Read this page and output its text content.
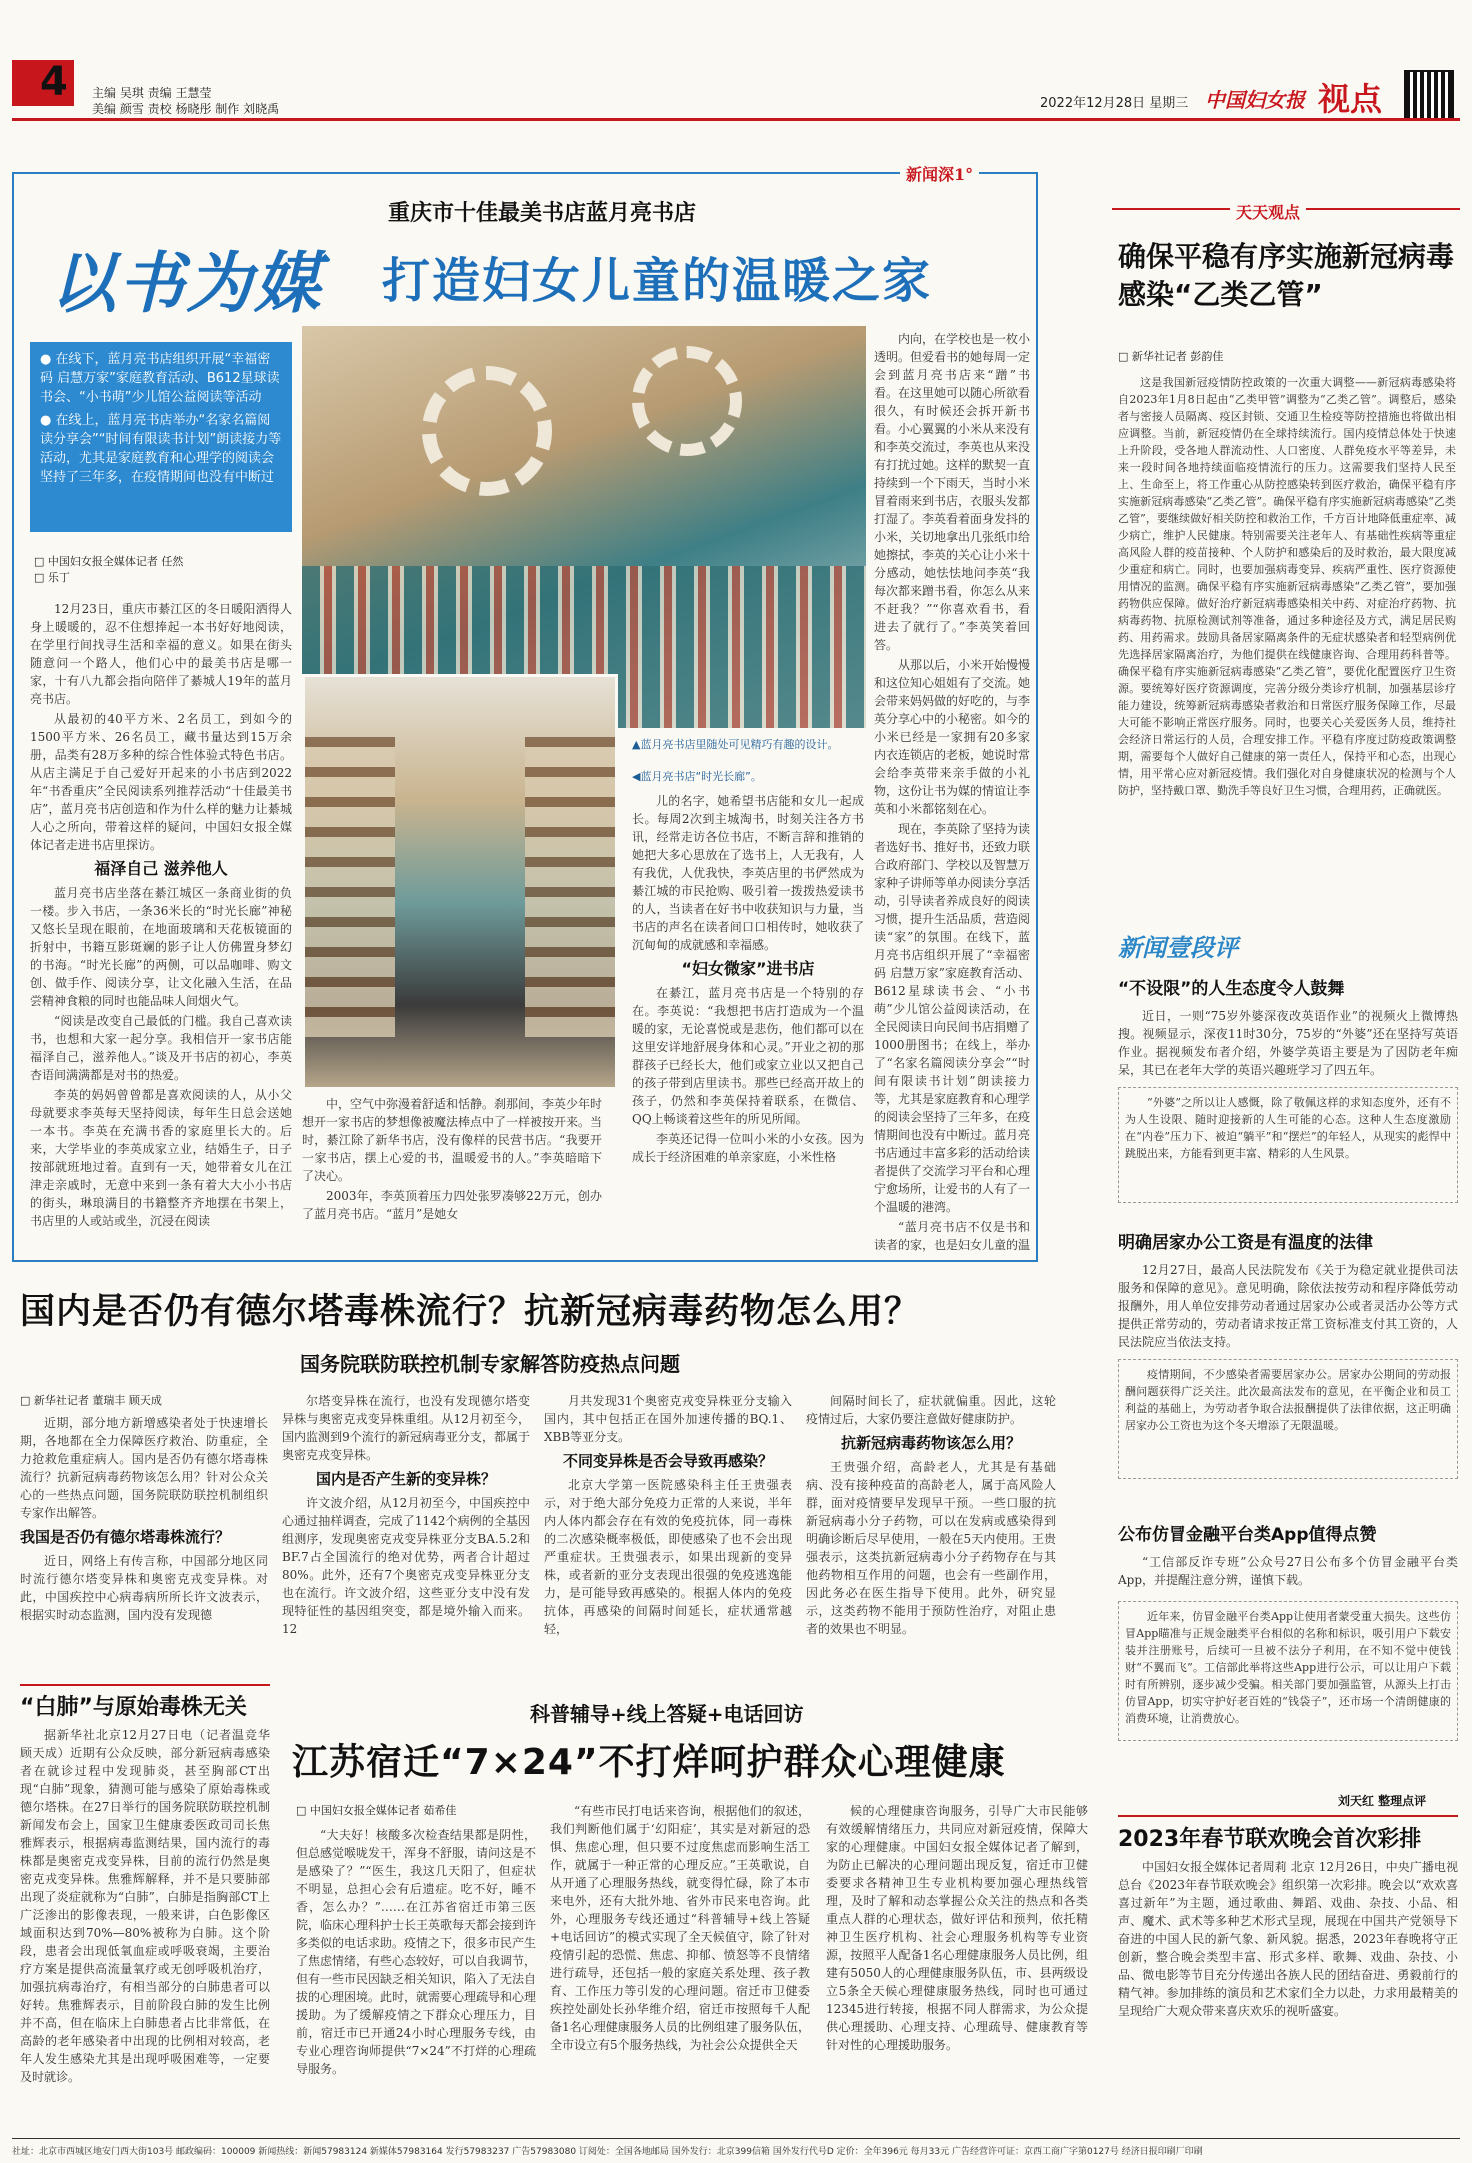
4 主编 吴琪 责编 王慧莹
美编 颜雪 责校 杨晓彤 制作 刘晓禹	2022年12月28日 星期三 中国妇女报 视点
新闻深1°
重庆市十佳最美书店蓝月亮书店
以书为媒 打造妇女儿童的温暖之家
● 在线下，蓝月亮书店组织开展“幸福密码 启慧万家”家庭教育活动、B612星球读书会、“小书萌”少儿馆公益阅读等活动
● 在线上，蓝月亮书店举办“名家名篇阅读分享会”“时间有限读书计划”朗读接力等活动，尤其是家庭教育和心理学的阅读会坚持了三年多，在疫情期间也没有中断过
□ 中国妇女报全媒体记者 任然
□ 乐丁

12月23日，重庆市綦江区的冬日暖阳洒得人身上暖暖的，忍不住想捧起一本书好好地阅读，在学里行间找寻生活和幸福的意义。如果在街头随意问一个路人，他们心中的最美书店是哪一家，十有八九都会指向陪伴了綦城人19年的蓝月亮书店。

从最初的40平方米、2名员工，到如今的1500平方米、26名员工，藏书量达到15万余册，品类有28万多种的综合性体验式特色书店。从店主满足于自己爱好开起来的小书店到2022年“书香重庆”全民阅读系列推荐活动“十佳最美书店”，蓝月亮书店创造和作为什么样的魅力让綦城人心之所向，带着这样的疑问，中国妇女报全媒体记者走进书店里探访。

福泽自己 滋养他人

蓝月亮书店坐落在綦江城区一条商业街的负一楼。步入书店，一条36米长的“时光长廊”神秘又悠长呈现在眼前，在地面玻璃和天花板镜面的折射中，书籍互影斑斓的影子让人仿佛置身梦幻的书海。“时光长廊”的两侧，可以品咖啡、购文创、做手作、阅读分享，让文化融入生活，在品尝精神食粮的同时也能品味人间烟火气。

“阅读是改变自己最低的门槛。我自己喜欢读书，也想和大家一起分享。我相信开一家书店能福泽自己，滋养他人。”谈及开书店的初心，李英杏语间满满都是对书的热爱。

李英的妈妈曾曾都是喜欢阅读的人，从小父母就要求李英每天坚持阅读，每年生日总会送她一本书。李英在充满书香的家庭里长大的。后来，大学毕业的李英成家立业，结婚生子，日子按部就班地过着。直到有一天，她带着女儿在江津走亲戚时，无意中来到一条有着大大小小书店的街头，琳琅满目的书籍整齐齐地摆在书架上，书店里的人或站或坐，沉浸在阅读

▲蓝月亮书店里随处可见精巧有趣的设计。
◀蓝月亮书店“时光长廊”。

中，空气中弥漫着舒适和恬静。刹那间，李英少年时想开一家书店的梦想像被魔法棒点中了一样被按开来。当时，綦江除了新华书店，没有像样的民营书店。“我要开一家书店，摆上心爱的书，温暖爱书的人。”李英暗暗下了决心。

2003年，李英顶着压力四处张罗凑够22万元，创办了蓝月亮书店。“蓝月”是她女

儿的名字，她希望书店能和女儿一起成长。每周2次到主城淘书，时刻关注各方书讯，经常走访各位书店，不断言辞和推销的她把大多心思放在了选书上，人无我有，人有我优，人优我快，李英店里的书俨然成为綦江城的市民抢购、吸引着一拨拨热爱读书的人，当读者在好书中收获知识与力量，当书店的声名在读者间口口相传时，她收获了沉甸甸的成就感和幸福感。

“妇女微家”进书店

在綦江，蓝月亮书店是一个特别的存在。李英说：“我想把书店打造成为一个温暖的家，无论喜悦或是悲伤，他们都可以在这里安详地舒展身体和心灵。”开业之初的那群孩子已经长大，他们或家立业以又把自己的孩子带到店里读书。那些已经高开故上的孩子，仍然和李英保持着联系，在微信、QQ上畅谈着这些年的所见所闻。

李英还记得一位叫小米的小女孩。因为成长于经济困难的单亲家庭，小米性格

内向，在学校也是一枚小透明。但爱看书的她每周一定会到蓝月亮书店来“蹭”书看。在这里她可以随心所欲看很久，有时候还会拆开新书看。小心翼翼的小米从来没有和李英交流过，李英也从来没有打扰过她。这样的默契一直持续到一个下雨天，当时小米冒着雨来到书店，衣服头发都打湿了。李英看着面身发抖的小米，关切地拿出几张纸巾给她擦拭，李英的关心让小米十分感动，她怯怯地问李英“我每次都来蹭书看，你怎么从来不赶我？”“你喜欢看书，看进去了就行了。”李英笑着回答。

从那以后，小米开始慢慢和这位知心姐姐有了交流。她会带来妈妈做的好吃的，与李英分享心中的小秘密。如今的小米已经是一家拥有20多家内衣连锁店的老板，她说时常会给李英带来亲手做的小礼物，这份让书为媒的情谊让李英和小米都铭刻在心。

现在，李英除了坚持为读者选好书、推好书，还致力联合政府部门、学校以及智慧万家种子讲师等单办阅读分享活动，引导读者养成良好的阅读习惯，提升生活品质，营造阅读“家”的氛围。在线下，蓝月亮书店组织开展了“幸福密码 启慧万家”家庭教育活动、B612星球读书会、“小书萌”少儿馆公益阅读活动，在全民阅读日向民间书店捐赠了1000册图书；在线上，举办了“名家名篇阅读分享会”“时间有限读书计划”朗读接力等，尤其是家庭教育和心理学的阅读会坚持了三年多，在疫情期间也没有中断过。蓝月亮书店通过丰富多彩的活动给读者提供了交流学习平台和心理宁愈场所，让爱书的人有了一个温暖的港湾。

“蓝月亮书店不仅是书和读者的家，也是妇女儿童的温

天天观点
确保平稳有序实施新冠病毒感染“乙类乙管”
□ 新华社记者 彭韵佳

这是我国新冠疫情防控政策的一次重大调整——新冠病毒感染将自2023年1月8日起由“乙类甲管”调整为“乙类乙管”。调整后，感染者与密接人员隔离、疫区封锁、交通卫生检疫等防控措施也将做出相应调整。当前，新冠疫情仍在全球持续流行。国内疫情总体处于快速上升阶段，受各地人群流动性、人口密度、人群免疫水平等差异，未来一段时间各地持续面临疫情流行的压力。这需要我们坚持人民至上、生命至上，将工作重心从防控感染转到医疗救治，确保平稳有序实施新冠病毒感染“乙类乙管”。确保平稳有序实施新冠病毒感染“乙类乙管”，要继续做好相关防控和救治工作，千方百计地降低重症率、减少病亡，维护人民健康。特别需要关注老年人、有基础性疾病等重症高风险人群的疫苗接种、个人防护和感染后的及时救治，最大限度减少重症和病亡。同时，也要加强病毒变异、疾病严重性、医疗资源使用情况的监测。确保平稳有序实施新冠病毒感染“乙类乙管”，要加强药物供应保障。做好治疗新冠病毒感染相关中药、对症治疗药物、抗病毒药物、抗原检测试剂等准备，通过多种途径及方式，满足居民购药、用药需求。鼓励具备居家隔离条件的无症状感染者和轻型病例优先选择居家隔离治疗，为他们提供在线健康咨询、合理用药科普等。确保平稳有序实施新冠病毒感染“乙类乙管”，要优化配置医疗卫生资源。要统筹好医疗资源调度，完善分级分类诊疗机制，加强基层诊疗能力建设，统筹新冠病毒感染者救治和日常医疗服务保障工作，尽最大可能不影响正常医疗服务。同时，也要关心关爱医务人员，维持社会经济日常运行的人员，合理安排工作。平稳有序度过防疫政策调整期，需要每个人做好自己健康的第一责任人，保持平和心态，出现心情，用平常心应对新冠疫情。我们强化对自身健康状况的检测与个人防护，坚持戴口罩、勤洗手等良好卫生习惯，合理用药，正确就医。

新闻壹段评
“不设限”的人生态度令人鼓舞
近日，一则“75岁外婆深夜改英语作业”的视频火上微博热搜。视频显示，深夜11时30分，75岁的“外婆”还在坚持写英语作业。据视频发布者介绍，外婆学英语主要是为了因防老年痴呆，其已在老年大学的英语兴趣班学习了四五年。
“外婆”之所以让人感慨，除了敬佩这样的求知态度外，还有不为人生设限、随时迎接新的人生可能的心态。这种人生态度激励在“内卷”压力下、被迫“躺平”和“摆烂”的年轻人，从现实的彪悍中跳脱出来，方能看到更丰富、精彩的人生风景。
明确居家办公工资是有温度的法律
12月27日，最高人民法院发布《关于为稳定就业提供司法服务和保障的意见》。意见明确，除依法按劳动和程序降低劳动报酬外，用人单位安排劳动者通过居家办公或者灵活办公等方式提供正常劳动的，劳动者请求按正常工资标准支付其工资的，人民法院应当依法支持。
疫情期间，不少感染者需要居家办公。居家办公期间的劳动报酬问题获得广泛关注。此次最高法发布的意见，在平衡企业和员工利益的基础上，为劳动者争取合法报酬提供了法律依据，这正明确居家办公工资也为这个冬天增添了无限温暖。
公布仿冒金融平台类App值得点赞
“工信部反诈专班”公众号27日公布多个仿冒金融平台类App，并提醒注意分辨，谨慎下载。
近年来，仿冒金融平台类App让使用者蒙受重大损失。这些仿冒App瞄准与正规金融类平台相似的名称和标识，吸引用户下载安装并注册账号，后续可一旦被不法分子利用，在不知不觉中使钱财“不翼而飞”。工信部此举将这些App进行公示，可以让用户下载时有所辨别，逐步减少受骗。相关部门要加强监管，从源头上打击仿冒App，切实守护好老百姓的“钱袋子”，还市场一个清朗健康的消费环境，让消费放心。
刘天红 整理点评
2023年春节联欢晚会首次彩排

中国妇女报全媒体记者周莉 北京 12月26日，中央广播电视总台《2023年春节联欢晚会》组织第一次彩排。晚会以“欢欢喜喜过新年”为主题，通过歌曲、舞蹈、戏曲、杂技、小品、相声、魔术、武术等多种艺术形式呈现，展现在中国共产党领导下奋进的中国人民的新气象、新风貌。据悉，2023年春晚将守正创新，整合晚会类型丰富、形式多样、歌舞、戏曲、杂技、小品、微电影等节目充分传递出各族人民的团结奋进、勇毅前行的精气神。参加排练的演员和艺术家们全力以赴，力求用最精美的呈现给广大观众带来喜庆欢乐的视听盛宴。

国内是否仍有德尔塔毒株流行？抗新冠病毒药物怎么用？
国务院联防联控机制专家解答防疫热点问题
□ 新华社记者 董瑞丰 顾天成

近期，部分地方新增感染者处于快速增长期，各地都在全力保障医疗救治、防重症，全力抢救危重症病人。国内是否仍有德尔塔毒株流行？抗新冠病毒药物该怎么用？针对公众关心的一些热点问题，国务院联防联控机制组织专家作出解答。

我国是否仍有德尔塔毒株流行？

近日，网络上有传言称，中国部分地区同时流行德尔塔变异株和奥密克戎变异株。对此，中国疾控中心病毒病所所长许文波表示，根据实时动态监测，国内没有发现德

尔塔变异株在流行，也没有发现德尔塔变异株与奥密克戎变异株重组。从12月初至今，国内监测到9个流行的新冠病毒亚分支，都属于奥密克戎变异株。

国内是否产生新的变异株？

许文波介绍，从12月初至今，中国疾控中心通过抽样调查，完成了1142个病例的全基因组测序，发现奥密克戎变异株亚分支BA.5.2和BF.7占全国流行的绝对优势，两者合计超过80%。此外，还有7个奥密克戎变异株亚分支也在流行。许文波介绍，这些亚分支中没有发现特征性的基因组突变，都是境外输入而来。12

月共发现31个奥密克戎变异株亚分支输入国内，其中包括正在国外加速传播的BQ.1、XBB等亚分支。

不同变异株是否会导致再感染？

北京大学第一医院感染科主任王贵强表示，对于绝大部分免疫力正常的人来说，半年内人体内都会存在有效的免疫抗体，同一毒株的二次感染概率极低，即使感染了也不会出现严重症状。王贵强表示，如果出现新的变异株，或者新的亚分支表现出很强的免疫逃逸能力，是可能导致再感染的。根据人体内的免疫抗体，再感染的间隔时间延长，症状通常越轻，

间隔时间长了，症状就偏重。因此，这轮疫情过后，大家仍要注意做好健康防护。

抗新冠病毒药物该怎么用？

王贵强介绍，高龄老人，尤其是有基础病、没有接种疫苗的高龄老人，属于高风险人群，面对疫情要早发现早干预。一些口服的抗新冠病毒小分子药物，可以在发病或感染得到明确诊断后尽早使用，一般在5天内使用。王贵强表示，这类抗新冠病毒小分子药物存在与其他药物相互作用的问题，也会有一些副作用，因此务必在医生指导下使用。此外，研究显示，这类药物不能用于预防性治疗，对阻止患者的效果也不明显。

“白肺”与原始毒株无关

据新华社北京12月27日电（记者温竞华 顾天成）近期有公众反映，部分新冠病毒感染者在就诊过程中发现肺炎，甚至胸部CT出现“白肺”现象，猜测可能与感染了原始毒株或德尔塔株。在27日举行的国务院联防联控机制新闻发布会上，国家卫生健康委医政司司长焦雅辉表示，根据病毒监测结果，国内流行的毒株都是奥密克戎变异株，目前的流行仍然是奥密克戎变异株。焦雅辉解释，并不是只要肺部出现了炎症就称为“白肺”，白肺是指胸部CT上广泛渗出的影像表现，一般来讲，白色影像区域面积达到70%—80%被称为白肺。这个阶段，患者会出现低氧血症或呼吸衰竭，主要治疗方案是提供高流量氧疗或无创呼吸机治疗，加强抗病毒治疗，有相当部分的白肺患者可以好转。焦雅辉表示，目前阶段白肺的发生比例并不高，但在临床上白肺患者占比非常低，在高龄的老年感染者中出现的比例相对较高，老年人发生感染尤其是出现呼吸困难等，一定要及时就诊。

科普辅导+线上答疑+电话回访
江苏宿迁“7×24”不打烊呵护群众心理健康
□ 中国妇女报全媒体记者 茹希佳

“大夫好！核酸多次检查结果都是阴性，但总感觉喉咙发干，浑身不舒服，请问这是不是感染了？”“医生，我这几天阳了，但症状不明显，总担心会有后遗症。吃不好，睡不香，怎么办？”……在江苏省宿迁市第三医院，临床心理科护士长王英歌每天都会接到许多类似的电话求助。疫情之下，很多市民产生了焦虑情绪，有些心态较好，可以自我调节，但有一些市民因缺乏相关知识，陷入了无法自拔的心理困境。此时，就需要心理疏导和心理援助。为了缓解疫情之下群众心理压力，目前，宿迁市已开通24小时心理服务专线，由专业心理咨询师提供“7×24”不打烊的心理疏导服务。

“有些市民打电话来咨询，根据他们的叙述，我们判断他们属于‘幻阳症’，其实是对新冠的恐惧、焦虑心理，但只要不过度焦虑而影响生活工作，就属于一种正常的心理反应。”王英歌说，自从开通了心理服务热线，就变得忙碌，除了本市来电外，还有大批外地、省外市民来电咨询。此外，心理服务专线还通过“科普辅导+线上答疑+电话回访”的模式实现了全天候值守，除了针对疫情引起的恐慌、焦虑、抑郁、愤怒等不良情绪进行疏导，还包括一般的家庭关系处理、孩子教育、工作压力等引发的心理问题。宿迁市卫健委疾控处副处长孙华维介绍，宿迁市按照每千人配备1名心理健康服务人员的比例组建了服务队伍，全市设立有5个服务热线，为社会公众提供全天

候的心理健康咨询服务，引导广大市民能够有效缓解情绪压力，共同应对新冠疫情，保障大家的心理健康。中国妇女报全媒体记者了解到，为防止已解决的心理问题出现反复，宿迁市卫健委要求各精神卫生专业机构要加强心理热线管理，及时了解和动态掌握公众关注的热点和各类重点人群的心理状态，做好评估和预判，依托精神卫生医疗机构、社会心理服务机构等专业资源，按照平人配备1名心理健康服务人员比例，组建有5050人的心理健康服务队伍，市、县两级设立5条全天候心理健康服务热线，同时也可通过12345进行转接，根据不同人群需求，为公众提供心理援助、心理支持、心理疏导、健康教育等针对性的心理援助服务。

社址：北京市西城区地安门西大街103号 邮政编码：100009 新闻热线：新闻57983124 新媒体57983164 发行57983237 广告57983080 订阅处：全国各地邮局 国外发行：北京399信箱 国外发行代号D 定价：全年396元 每月33元 广告经营许可证：京西工商广字第0127号 经济日报印刷厂印刷
